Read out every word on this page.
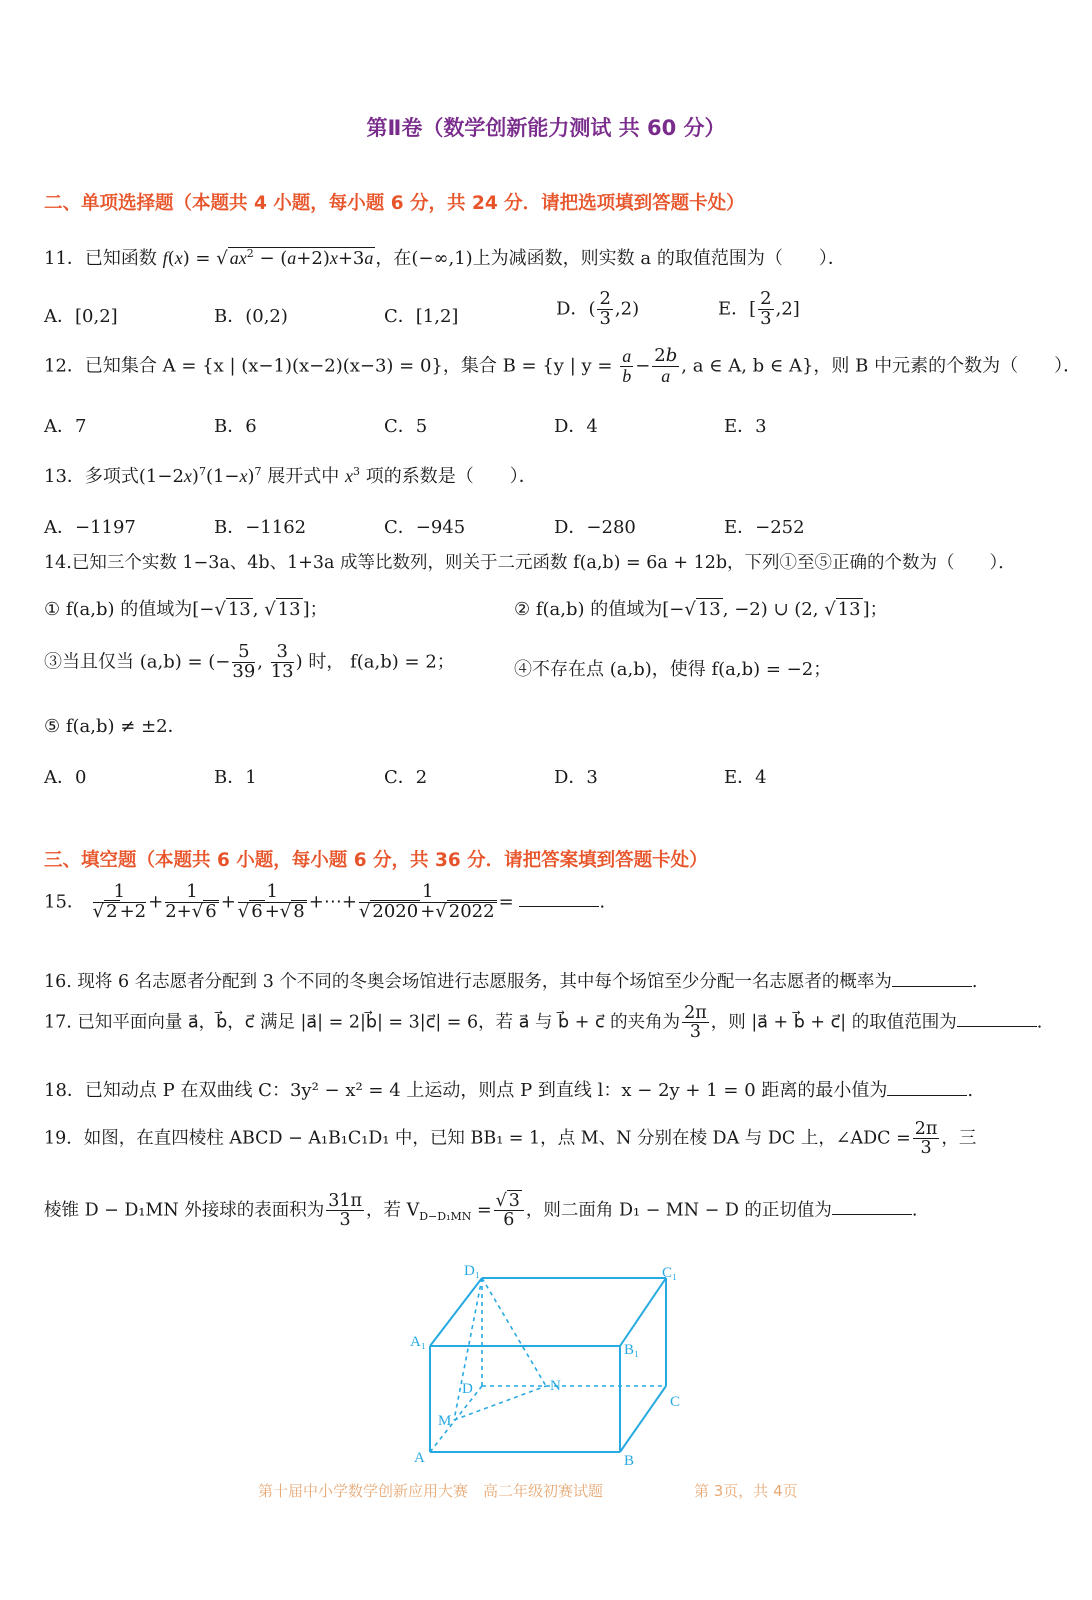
第Ⅱ卷（数学创新能力测试 共 60 分）
二、单项选择题（本题共 4 小题，每小题 6 分，共 24 分．请把选项填到答题卡处）
11．已知函数 f(x) = √ $ax^2 - (a+2)x+3a$ ，在(−∞,1)上为减函数，则实数 a 的取值范围为（　　）．
A．[0,2]	B．(0,2)	C．[1,2]	D．( $\frac{2}{3} ,2$)	E．[ $\frac{2}{3} ,2$]
12．已知集合 A = {x | (x−1)(x−2)(x−3) = 0}，集合 B = {y | $y = \frac{a}{b} - \frac{2b}{a}$ , a ∈ A, b ∈ A}，则 B 中元素的个数为（　　）．
A．7	B．6	C．5	D．4	E．3
13．多项式$(1-2x)^7(1-x)^7$ 展开式中 $x^3$ 项的系数是（　　）．
A．−1197	B．−1162	C．−945	D．−280	E．−252
14.已知三个实数 1−3a、4b、1+3a 成等比数列，则关于二元函数 f(a,b) = 6a + 12b，下列①至⑤正确的个数为（　　）．
① f(a,b) 的值域为[−√ 13 , √ 13 ]；	② f(a,b) 的值域为[−√ 13 , −2) ∪ (2, √ 13 ]；
③当且仅当 (a,b) = (− $\frac{5}{39}$ , $\frac{3}{13}$ ) 时， f(a,b) = 2；	④不存在点 (a,b)，使得 f(a,b) = −2；
⑤ f(a,b) ≠ ±2．
A．0	B．1	C．2	D．3	E．4
三、填空题（本题共 6 小题，每小题 6 分，共 36 分．请把答案填到答题卡处）
15． $\frac{1}{√ 2 +2} + \frac{1}{2+√ 6} + \frac{1}{√ 6 +√ 8}$ +⋯+ $\frac{1}{√ 2020 +√ 2022}$ =	.
16. 现将 6 名志愿者分配到 3 个不同的冬奥会场馆进行志愿服务，其中每个场馆至少分配一名志愿者的概率为	.
17. 已知平面向量 a⃗，b⃗，c⃗ 满足 |a⃗| = 2|b⃗| = 3|c⃗| = 6，若 a⃗ 与 b⃗ + c⃗ 的夹角为 $\frac{2\pi}{3}$ ，则 |a⃗ + b⃗ + c⃗| 的取值范围为	.
18．已知动点 P 在双曲线 C：3y² − x² = 4 上运动，则点 P 到直线 l：x − 2y + 1 = 0 距离的最小值为	.
19．如图，在直四棱柱 ABCD − A₁B₁C₁D₁ 中，已知 BB₁ = 1，点 M、N 分别在棱 DA 与 DC 上，∠ADC = $\frac{2\pi}{3}$ ，三
棱锥 D − D₁MN 外接球的表面积为 $\frac{31\pi}{3}$ ，若 $V_{D-D_1MN} = \frac{√ 3}{6}$ ，则二面角 D₁ − MN − D 的正切值为	.
D₁	C₁
A₁	B₁
D	N
C
M
A	B
第十届中小学数学创新应用大赛　高二年级初赛试题	第 3页，共 4页
